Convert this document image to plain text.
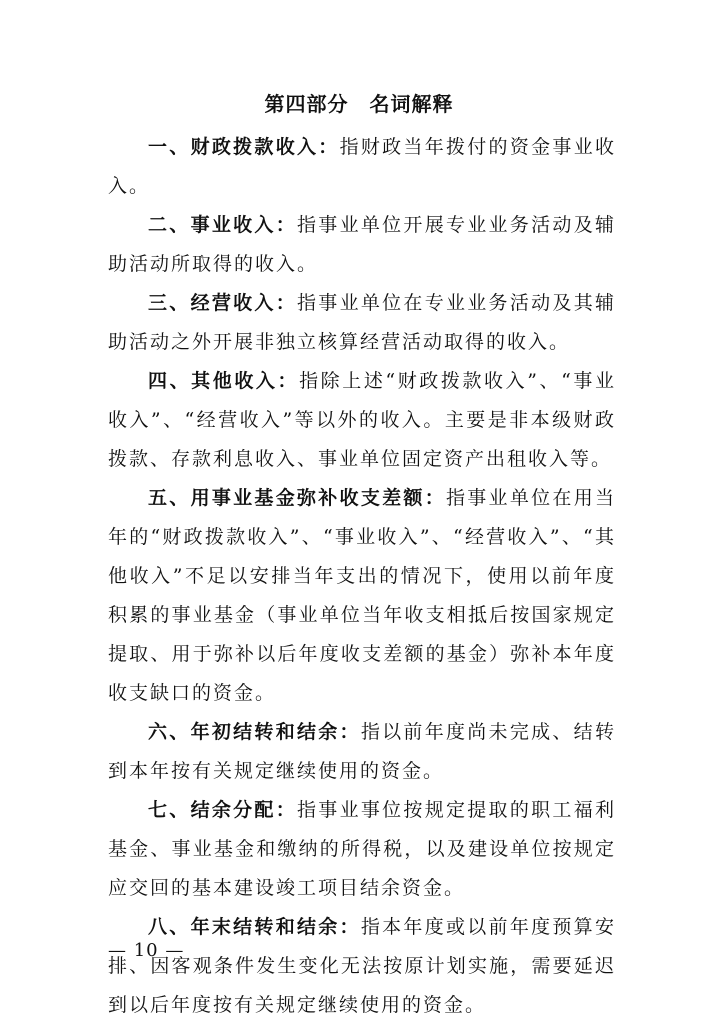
第四部分　名词解释

一、财政拨款收入：指财政当年拨付的资金事业收入。

二、事业收入：指事业单位开展专业业务活动及辅助活动所取得的收入。

三、经营收入：指事业单位在专业业务活动及其辅助活动之外开展非独立核算经营活动取得的收入。

四、其他收入：指除上述“财政拨款收入”、“事业收入”、“经营收入”等以外的收入。主要是非本级财政拨款、存款利息收入、事业单位固定资产出租收入等。

五、用事业基金弥补收支差额：指事业单位在用当年的“财政拨款收入”、“事业收入”、“经营收入”、“其他收入”不足以安排当年支出的情况下，使用以前年度积累的事业基金（事业单位当年收支相抵后按国家规定提取、用于弥补以后年度收支差额的基金）弥补本年度收支缺口的资金。

六、年初结转和结余：指以前年度尚未完成、结转到本年按有关规定继续使用的资金。

七、结余分配：指事业事位按规定提取的职工福利基金、事业基金和缴纳的所得税，以及建设单位按规定应交回的基本建设竣工项目结余资金。

八、年末结转和结余：指本年度或以前年度预算安排、因客观条件发生变化无法按原计划实施，需要延迟到以后年度按有关规定继续使用的资金。

— 10 —
